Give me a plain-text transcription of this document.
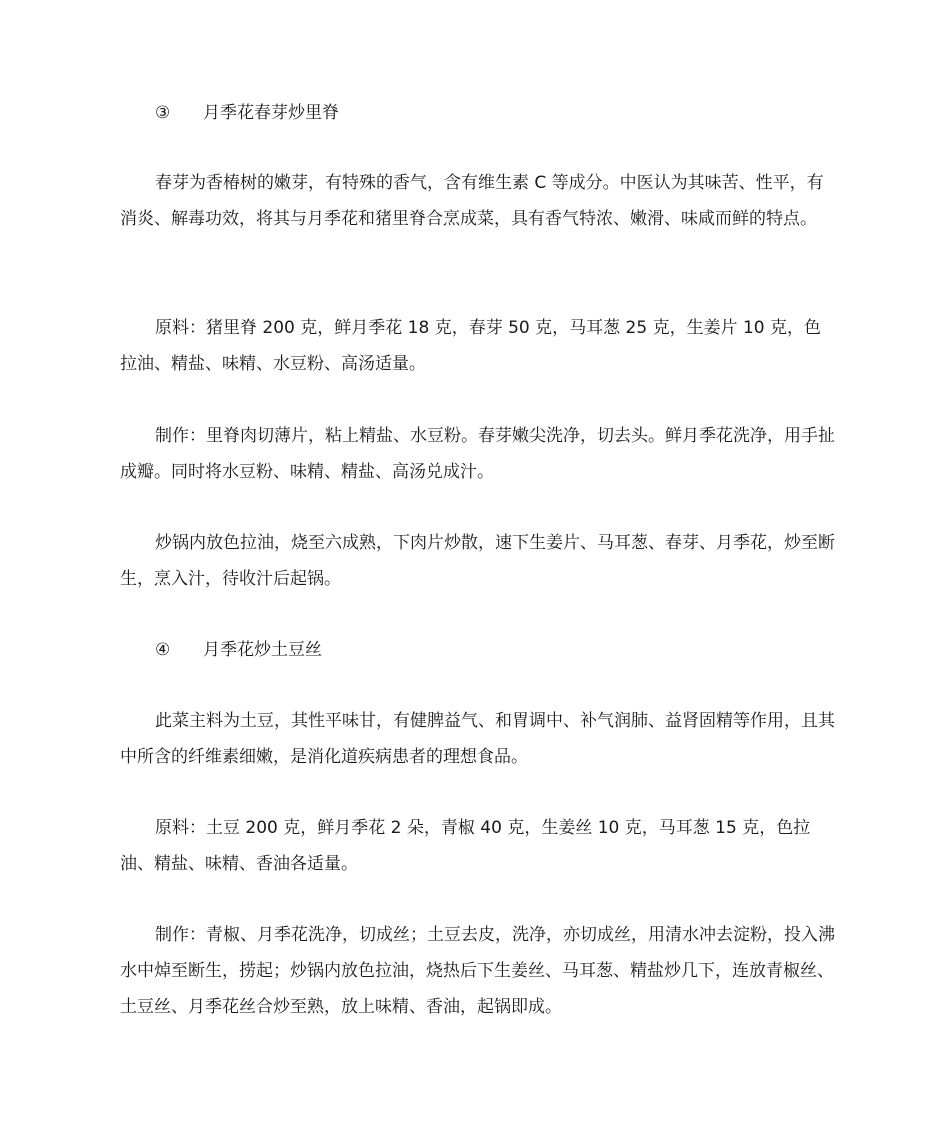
③ 月季花春芽炒里脊

春芽为香椿树的嫩芽，有特殊的香气，含有维生素 C 等成分。中医认为其味苦、性平，有消炎、解毒功效，将其与月季花和猪里脊合烹成菜，具有香气特浓、嫩滑、味咸而鲜的特点。

原料：猪里脊 200 克，鲜月季花 18 克，春芽 50 克，马耳葱 25 克，生姜片 10 克，色拉油、精盐、味精、水豆粉、高汤适量。

制作：里脊肉切薄片，粘上精盐、水豆粉。春芽嫩尖洗净，切去头。鲜月季花洗净，用手扯成瓣。同时将水豆粉、味精、精盐、高汤兑成汁。

炒锅内放色拉油，烧至六成熟，下肉片炒散，速下生姜片、马耳葱、春芽、月季花，炒至断生，烹入汁，待收汁后起锅。

④ 月季花炒土豆丝

此菜主料为土豆，其性平味甘，有健脾益气、和胃调中、补气润肺、益肾固精等作用，且其中所含的纤维素细嫩，是消化道疾病患者的理想食品。

原料：土豆 200 克，鲜月季花 2 朵，青椒 40 克，生姜丝 10 克，马耳葱 15 克，色拉油、精盐、味精、香油各适量。

制作：青椒、月季花洗净，切成丝；土豆去皮，洗净，亦切成丝，用清水冲去淀粉，投入沸水中焯至断生，捞起；炒锅内放色拉油，烧热后下生姜丝、马耳葱、精盐炒几下，连放青椒丝、土豆丝、月季花丝合炒至熟，放上味精、香油，起锅即成。
